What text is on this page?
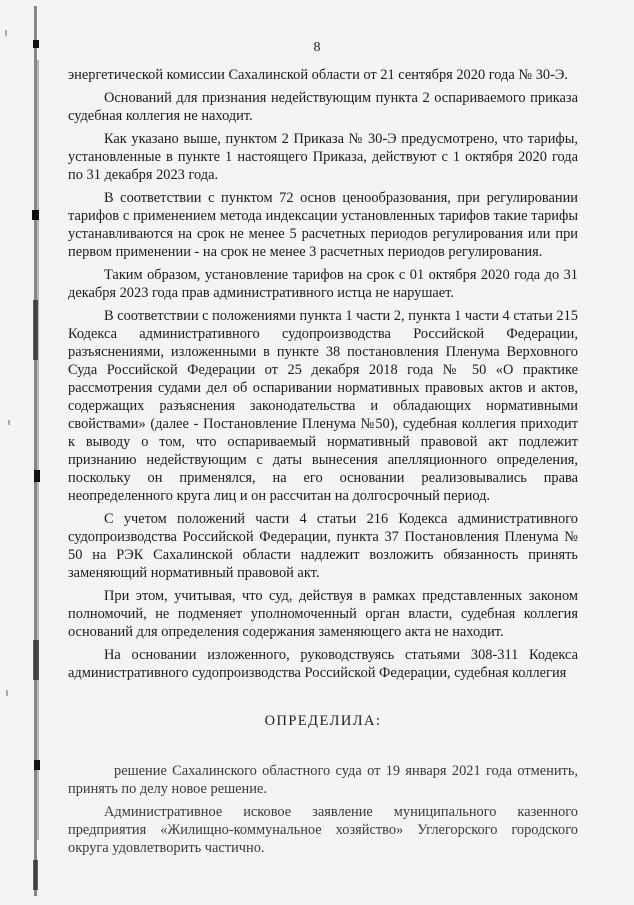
8

энергетической комиссии Сахалинской области от 21 сентября 2020 года № 30-Э.

Оснований для признания недействующим пункта 2 оспариваемого приказа судебная коллегия не находит.

Как указано выше, пунктом 2 Приказа № 30-Э предусмотрено, что тарифы, установленные в пункте 1 настоящего Приказа, действуют с 1 октября 2020 года по 31 декабря 2023 года.

В соответствии с пунктом 72 основ ценообразования, при регулировании тарифов с применением метода индексации установленных тарифов такие тарифы устанавливаются на срок не менее 5 расчетных периодов регулирования или при первом применении - на срок не менее 3 расчетных периодов регулирования.

Таким образом, установление тарифов на срок с 01 октября 2020 года до 31 декабря 2023 года прав административного истца не нарушает.

В соответствии с положениями пункта 1 части 2, пункта 1 части 4 статьи 215 Кодекса административного судопроизводства Российской Федерации, разъяснениями, изложенными в пункте 38 постановления Пленума Верховного Суда Российской Федерации от 25 декабря 2018 года № 50 «О практике рассмотрения судами дел об оспаривании нормативных правовых актов и актов, содержащих разъяснения законодательства и обладающих нормативными свойствами» (далее - Постановление Пленума №50), судебная коллегия приходит к выводу о том, что оспариваемый нормативный правовой акт подлежит признанию недействующим с даты вынесения апелляционного определения, поскольку он применялся, на его основании реализовывались права неопределенного круга лиц и он рассчитан на долгосрочный период.

С учетом положений части 4 статьи 216 Кодекса административного судопроизводства Российской Федерации, пункта 37 Постановления Пленума № 50 на РЭК Сахалинской области надлежит возложить обязанность принять заменяющий нормативный правовой акт.

При этом, учитывая, что суд, действуя в рамках представленных законом полномочий, не подменяет уполномоченный орган власти, судебная коллегия оснований для определения содержания заменяющего акта не находит.

На основании изложенного, руководствуясь статьями 308-311 Кодекса административного судопроизводства Российской Федерации, судебная коллегия

ОПРЕДЕЛИЛА:

решение Сахалинского областного суда от 19 января 2021 года отменить, принять по делу новое решение.

Административное исковое заявление муниципального казенного предприятия «Жилищно-коммунальное хозяйство» Углегорского городского округа удовлетворить частично.
